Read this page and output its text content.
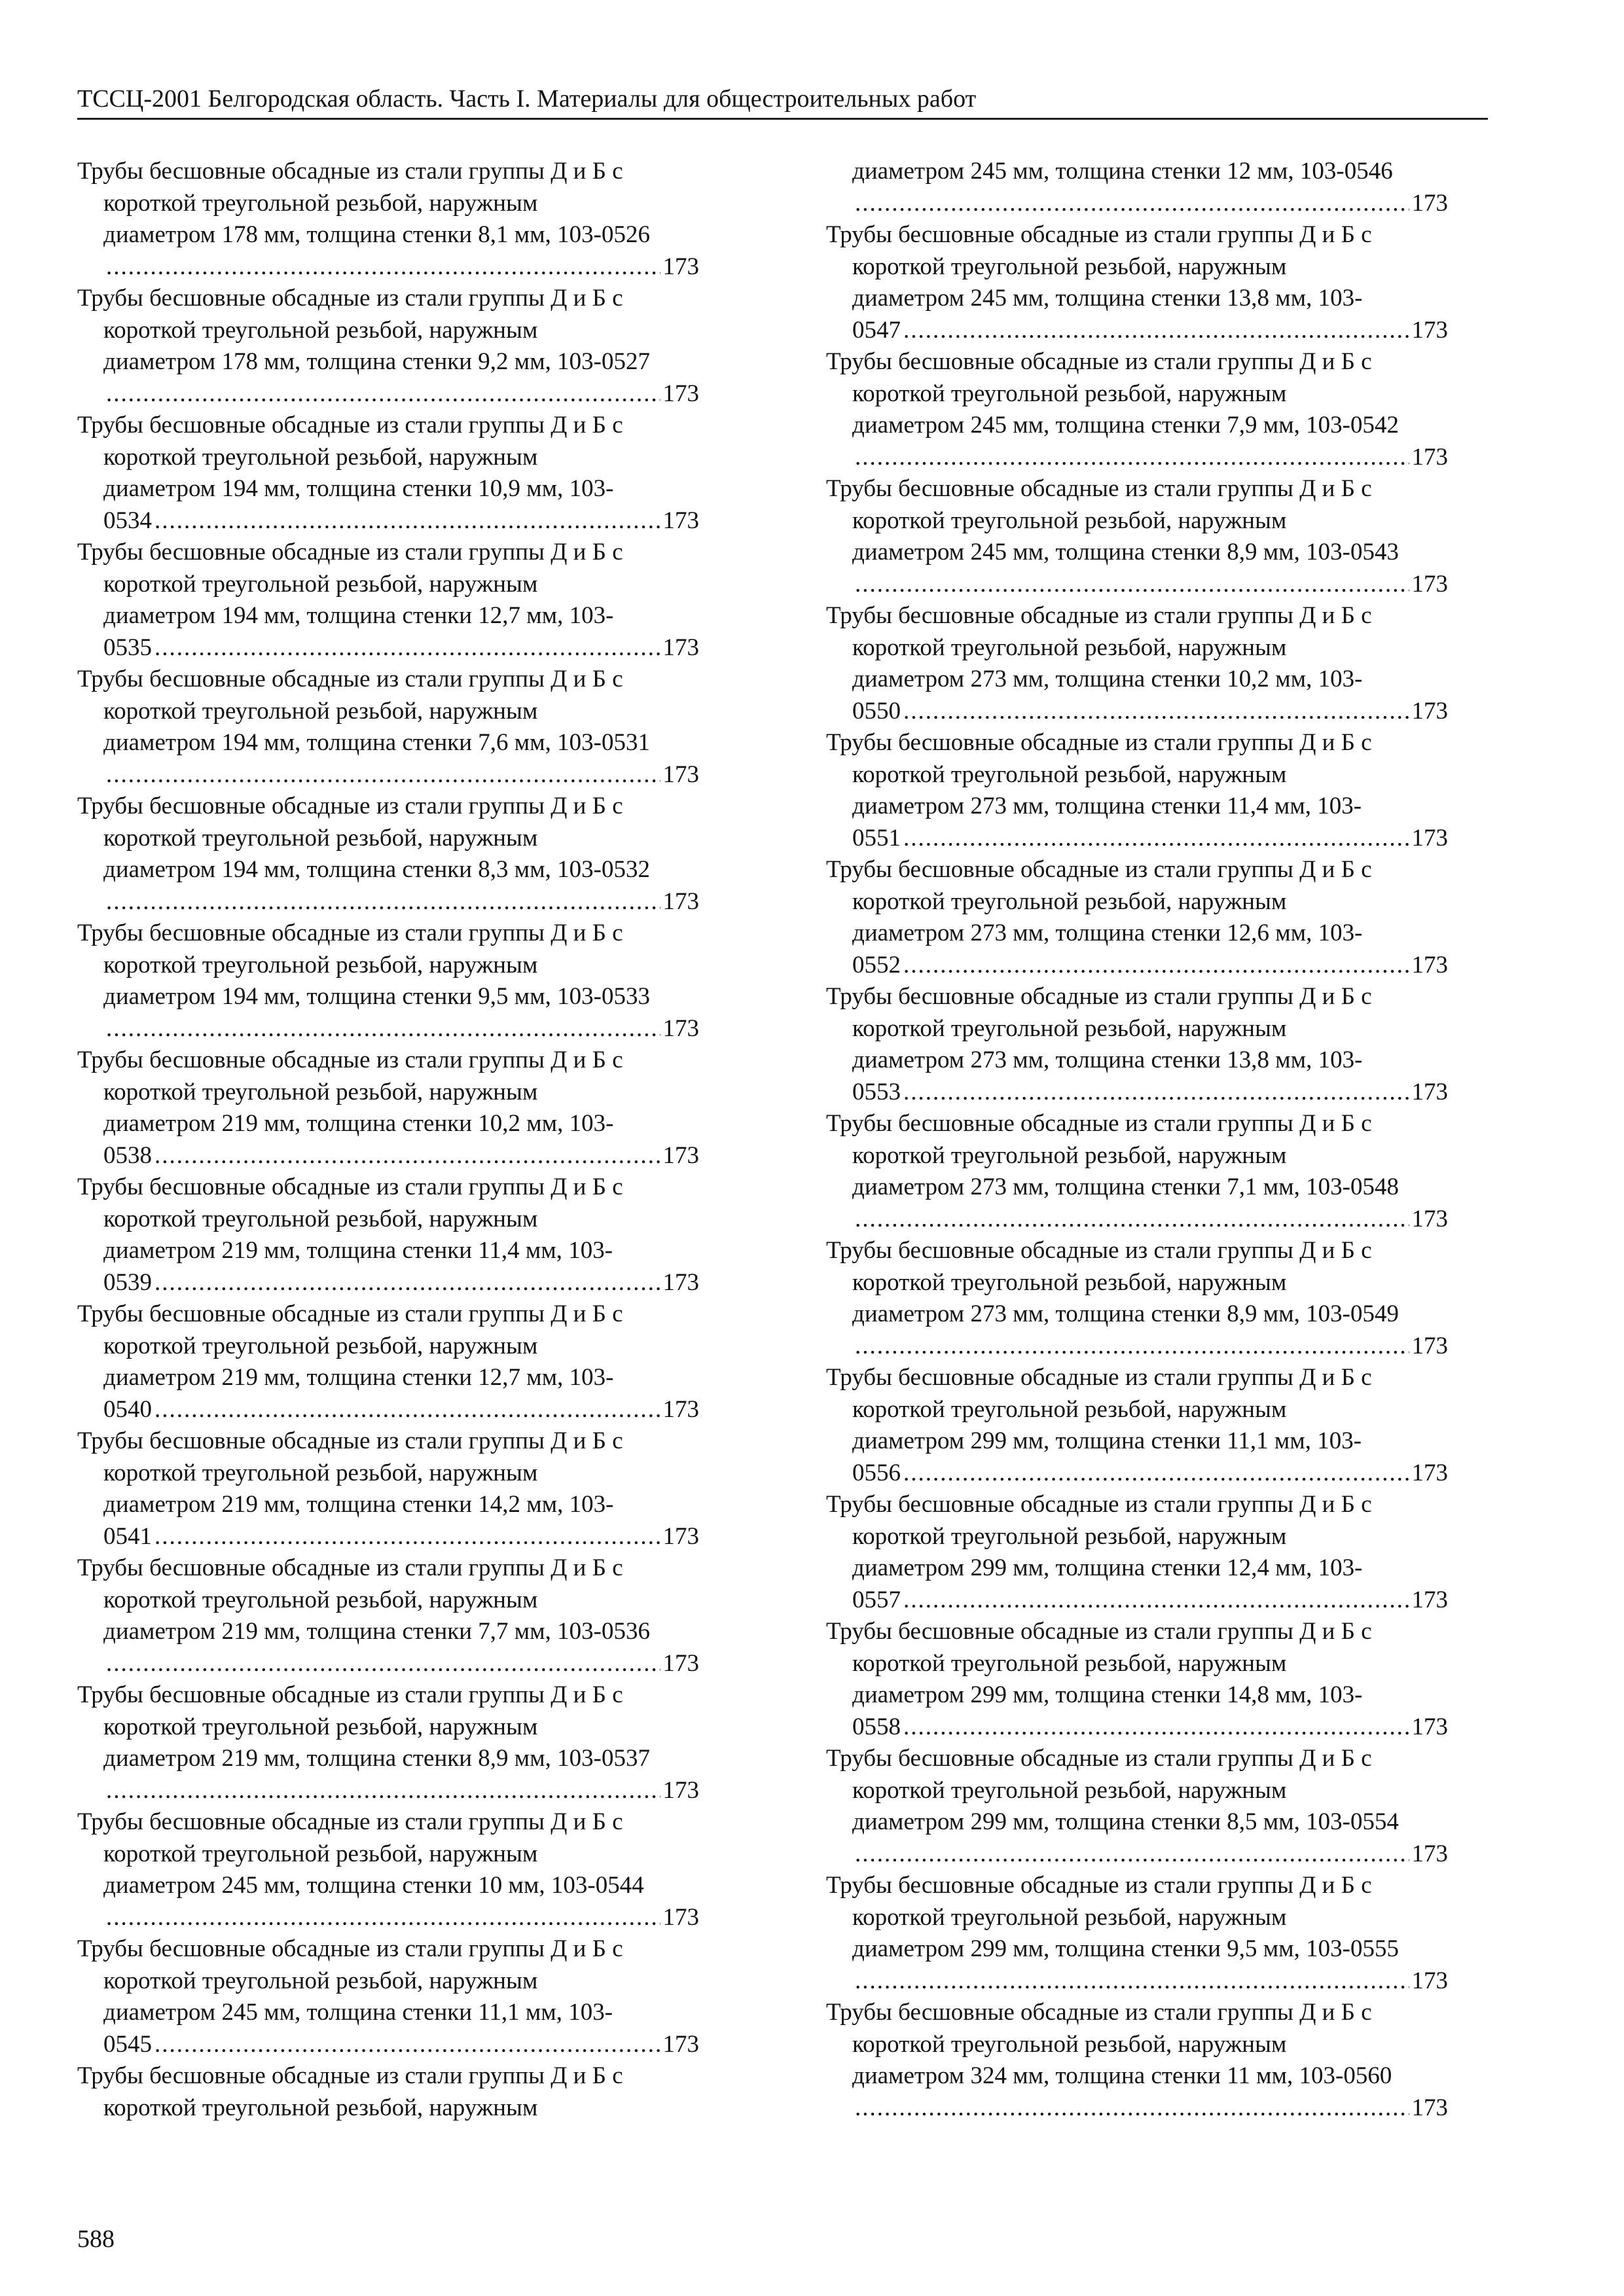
ТССЦ-2001 Белгородская область. Часть I. Материалы для общестроительных работ
Трубы бесшовные обсадные из стали группы Д и Б с
короткой треугольной резьбой, наружным
диаметром 178 мм, толщина стенки 8,1 мм, 103-0526
.....
173
Трубы бесшовные обсадные из стали группы Д и Б с
короткой треугольной резьбой, наружным
диаметром 178 мм, толщина стенки 9,2 мм, 103-0527
.....
173
Трубы бесшовные обсадные из стали группы Д и Б с
короткой треугольной резьбой, наружным
диаметром 194 мм, толщина стенки 10,9 мм, 103-
0534 .....	173
Трубы бесшовные обсадные из стали группы Д и Б с
короткой треугольной резьбой, наружным
диаметром 194 мм, толщина стенки 12,7 мм, 103-
0535 .....	173
Трубы бесшовные обсадные из стали группы Д и Б с
короткой треугольной резьбой, наружным
диаметром 194 мм, толщина стенки 7,6 мм, 103-0531
.....
173
Трубы бесшовные обсадные из стали группы Д и Б с
короткой треугольной резьбой, наружным
диаметром 194 мм, толщина стенки 8,3 мм, 103-0532
.....
173
Трубы бесшовные обсадные из стали группы Д и Б с
короткой треугольной резьбой, наружным
диаметром 194 мм, толщина стенки 9,5 мм, 103-0533
.....
173
Трубы бесшовные обсадные из стали группы Д и Б с
короткой треугольной резьбой, наружным
диаметром 219 мм, толщина стенки 10,2 мм, 103-
0538 .....	173
Трубы бесшовные обсадные из стали группы Д и Б с
короткой треугольной резьбой, наружным
диаметром 219 мм, толщина стенки 11,4 мм, 103-
0539 .....	173
Трубы бесшовные обсадные из стали группы Д и Б с
короткой треугольной резьбой, наружным
диаметром 219 мм, толщина стенки 12,7 мм, 103-
0540 .....	173
Трубы бесшовные обсадные из стали группы Д и Б с
короткой треугольной резьбой, наружным
диаметром 219 мм, толщина стенки 14,2 мм, 103-
0541 .....	173
Трубы бесшовные обсадные из стали группы Д и Б с
короткой треугольной резьбой, наружным
диаметром 219 мм, толщина стенки 7,7 мм, 103-0536
.....
173
Трубы бесшовные обсадные из стали группы Д и Б с
короткой треугольной резьбой, наружным
диаметром 219 мм, толщина стенки 8,9 мм, 103-0537
.....
173
Трубы бесшовные обсадные из стали группы Д и Б с
короткой треугольной резьбой, наружным
диаметром 245 мм, толщина стенки 10 мм, 103-0544
.....
173
Трубы бесшовные обсадные из стали группы Д и Б с
короткой треугольной резьбой, наружным
диаметром 245 мм, толщина стенки 11,1 мм, 103-
0545 .....	173
Трубы бесшовные обсадные из стали группы Д и Б с
короткой треугольной резьбой, наружным
диаметром 245 мм, толщина стенки 12 мм, 103-0546
.....
173
Трубы бесшовные обсадные из стали группы Д и Б с
короткой треугольной резьбой, наружным
диаметром 245 мм, толщина стенки 13,8 мм, 103-
0547 .....	173
Трубы бесшовные обсадные из стали группы Д и Б с
короткой треугольной резьбой, наружным
диаметром 245 мм, толщина стенки 7,9 мм, 103-0542
.....
173
Трубы бесшовные обсадные из стали группы Д и Б с
короткой треугольной резьбой, наружным
диаметром 245 мм, толщина стенки 8,9 мм, 103-0543
.....
173
Трубы бесшовные обсадные из стали группы Д и Б с
короткой треугольной резьбой, наружным
диаметром 273 мм, толщина стенки 10,2 мм, 103-
0550 .....	173
Трубы бесшовные обсадные из стали группы Д и Б с
короткой треугольной резьбой, наружным
диаметром 273 мм, толщина стенки 11,4 мм, 103-
0551 .....	173
Трубы бесшовные обсадные из стали группы Д и Б с
короткой треугольной резьбой, наружным
диаметром 273 мм, толщина стенки 12,6 мм, 103-
0552 .....	173
Трубы бесшовные обсадные из стали группы Д и Б с
короткой треугольной резьбой, наружным
диаметром 273 мм, толщина стенки 13,8 мм, 103-
0553 .....	173
Трубы бесшовные обсадные из стали группы Д и Б с
короткой треугольной резьбой, наружным
диаметром 273 мм, толщина стенки 7,1 мм, 103-0548
.....
173
Трубы бесшовные обсадные из стали группы Д и Б с
короткой треугольной резьбой, наружным
диаметром 273 мм, толщина стенки 8,9 мм, 103-0549
.....
173
Трубы бесшовные обсадные из стали группы Д и Б с
короткой треугольной резьбой, наружным
диаметром 299 мм, толщина стенки 11,1 мм, 103-
0556 .....	173
Трубы бесшовные обсадные из стали группы Д и Б с
короткой треугольной резьбой, наружным
диаметром 299 мм, толщина стенки 12,4 мм, 103-
0557 .....	173
Трубы бесшовные обсадные из стали группы Д и Б с
короткой треугольной резьбой, наружным
диаметром 299 мм, толщина стенки 14,8 мм, 103-
0558 .....	173
Трубы бесшовные обсадные из стали группы Д и Б с
короткой треугольной резьбой, наружным
диаметром 299 мм, толщина стенки 8,5 мм, 103-0554
.....
173
Трубы бесшовные обсадные из стали группы Д и Б с
короткой треугольной резьбой, наружным
диаметром 299 мм, толщина стенки 9,5 мм, 103-0555
.....
173
Трубы бесшовные обсадные из стали группы Д и Б с
короткой треугольной резьбой, наружным
диаметром 324 мм, толщина стенки 11 мм, 103-0560
.....
173
588
